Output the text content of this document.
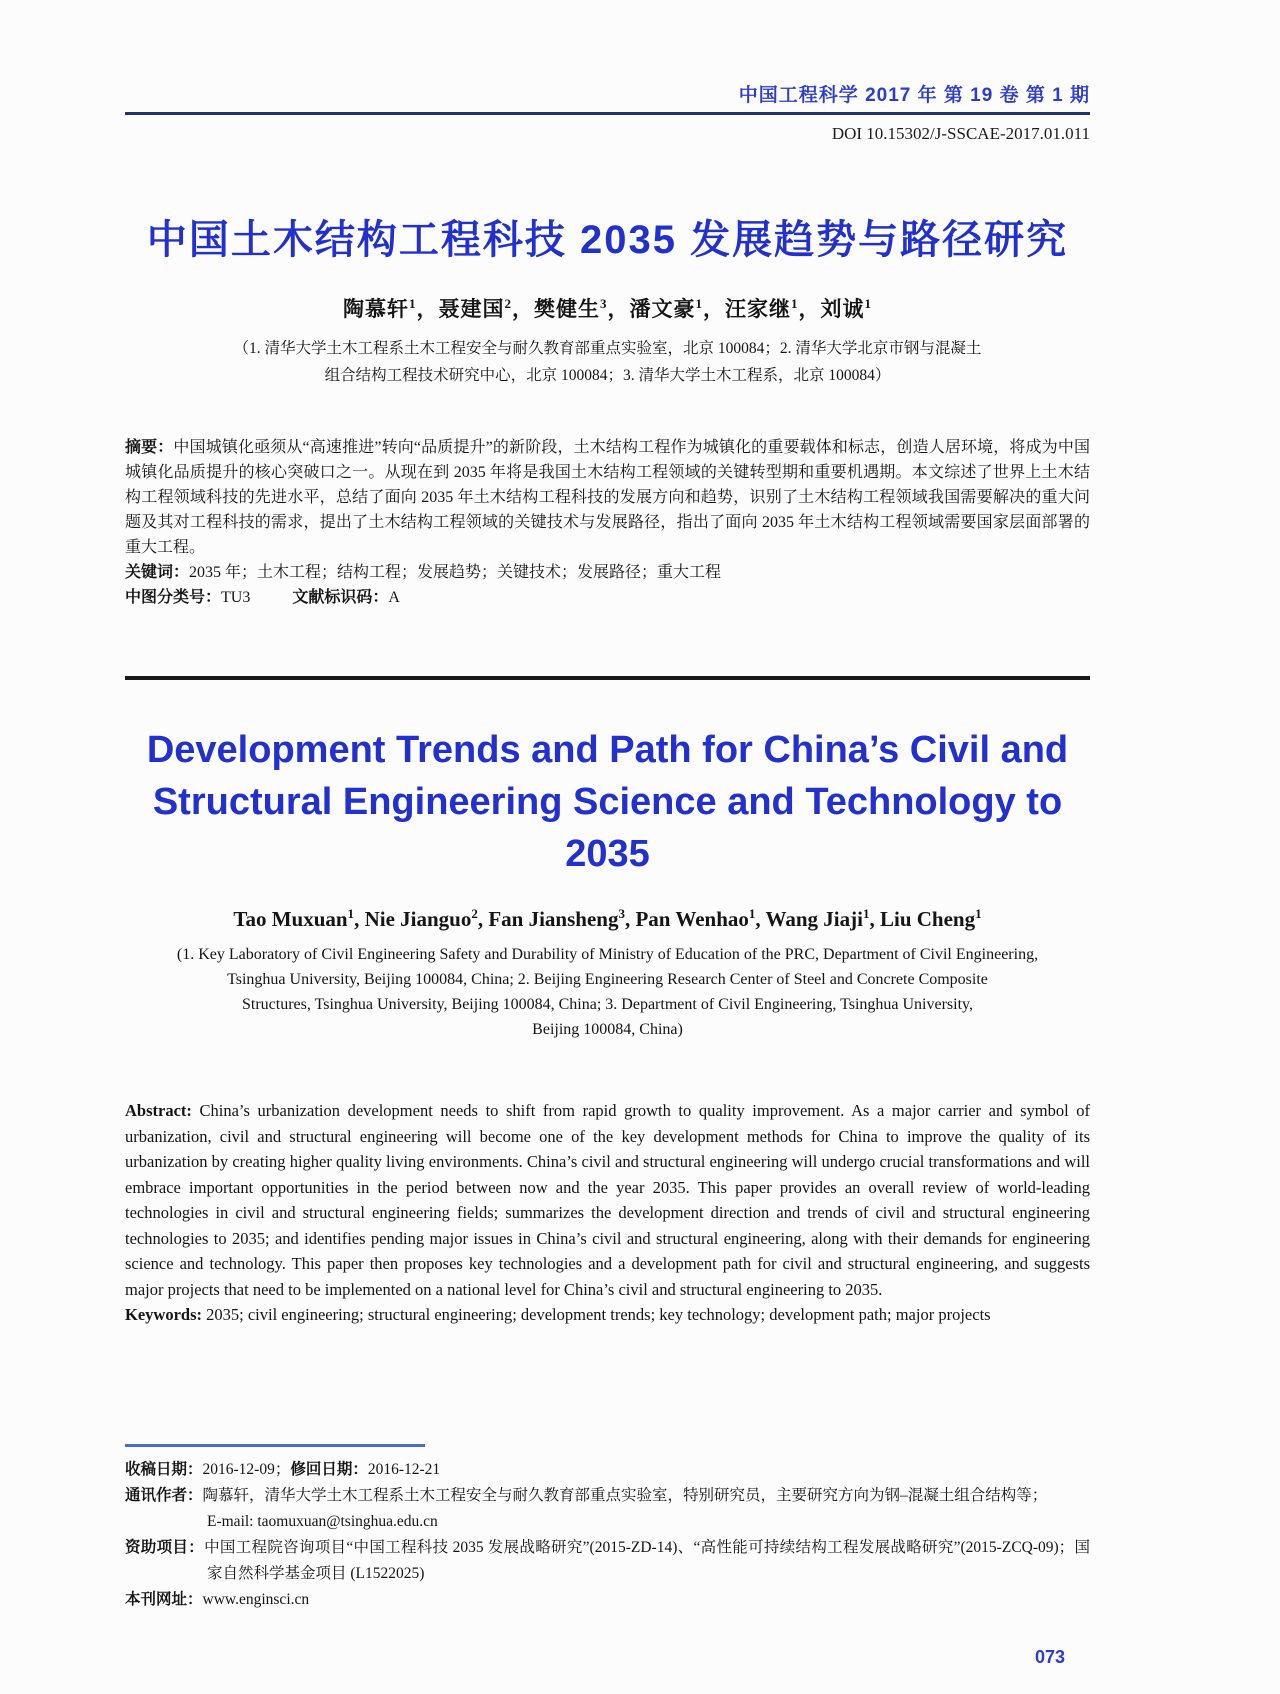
中国工程科学 2017 年 第 19 卷 第 1 期
DOI 10.15302/J-SSCAE-2017.01.011
中国土木结构工程科技 2035 发展趋势与路径研究
陶慕轩$^1$，聂建国$^2$，樊健生$^3$，潘文豪$^1$，汪家继$^1$，刘诚$^1$
（1. 清华大学土木工程系土木工程安全与耐久教育部重点实验室，北京 100084；2. 清华大学北京市钢与混凝土
组合结构工程技术研究中心，北京 100084；3. 清华大学土木工程系，北京 100084）
摘要：中国城镇化亟须从“高速推进”转向“品质提升”的新阶段，土木结构工程作为城镇化的重要载体和标志，创造人居环境，将成为中国城镇化品质提升的核心突破口之一。从现在到 2035 年将是我国土木结构工程领域的关键转型期和重要机遇期。本文综述了世界上土木结构工程领域科技的先进水平，总结了面向 2035 年土木结构工程科技的发展方向和趋势，识别了土木结构工程领域我国需要解决的重大问题及其对工程科技的需求，提出了土木结构工程领域的关键技术与发展路径，指出了面向 2035 年土木结构工程领域需要国家层面部署的重大工程。
关键词：2035 年；土木工程；结构工程；发展趋势；关键技术；发展路径；重大工程
中图分类号：TU3	文献标识码：A
Development Trends and Path for China’s Civil and
Structural Engineering Science and Technology to 2035
Tao Muxuan$^1$, Nie Jianguo$^2$, Fan Jiansheng$^3$, Pan Wenhao$^1$, Wang Jiaji$^1$, Liu Cheng$^1$
(1. Key Laboratory of Civil Engineering Safety and Durability of Ministry of Education of the PRC, Department of Civil Engineering,
Tsinghua University, Beijing 100084, China; 2. Beijing Engineering Research Center of Steel and Concrete Composite
Structures, Tsinghua University, Beijing 100084, China; 3. Department of Civil Engineering, Tsinghua University,
Beijing 100084, China)
Abstract: China’s urbanization development needs to shift from rapid growth to quality improvement. As a major carrier and symbol of urbanization, civil and structural engineering will become one of the key development methods for China to improve the quality of its urbanization by creating higher quality living environments. China’s civil and structural engineering will undergo crucial transformations and will embrace important opportunities in the period between now and the year 2035. This paper provides an overall review of world-leading technologies in civil and structural engineering fields; summarizes the development direction and trends of civil and structural engineering technologies to 2035; and identifies pending major issues in China’s civil and structural engineering, along with their demands for engineering science and technology. This paper then proposes key technologies and a development path for civil and structural engineering, and suggests major projects that need to be implemented on a national level for China’s civil and structural engineering to 2035.
Keywords: 2035; civil engineering; structural engineering; development trends; key technology; development path; major projects
收稿日期：2016-12-09；修回日期：2016-12-21
通讯作者：陶慕轩，清华大学土木工程系土木工程安全与耐久教育部重点实验室，特别研究员，主要研究方向为钢–混凝土组合结构等；
E-mail: taomuxuan@tsinghua.edu.cn
资助项目：中国工程院咨询项目“中国工程科技 2035 发展战略研究”(2015-ZD-14)、“高性能可持续结构工程发展战略研究”(2015-ZCQ-09)；国家自然科学基金项目 (L1522025)
本刊网址：www.enginsci.cn
073
